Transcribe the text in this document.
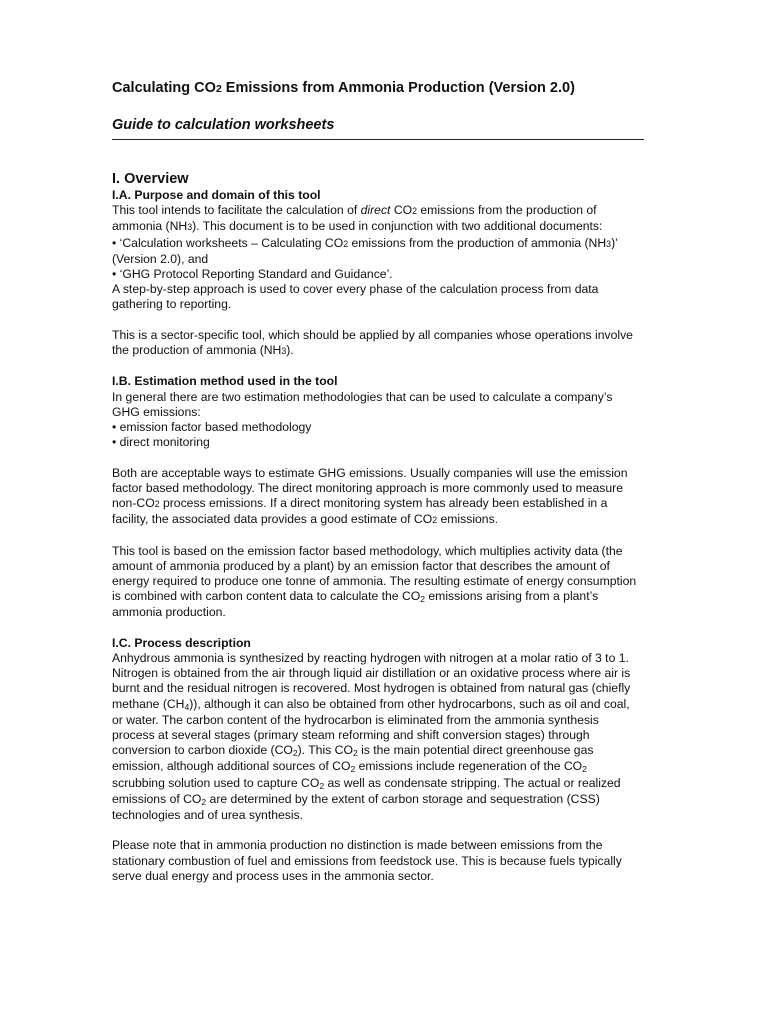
Calculating CO2 Emissions from Ammonia Production (Version 2.0)
Guide to calculation worksheets
I. Overview
I.A. Purpose and domain of this tool
This tool intends to facilitate the calculation of direct CO2 emissions from the production of
ammonia (NH3). This document is to be used in conjunction with two additional documents:
• ‘Calculation worksheets – Calculating CO2 emissions from the production of ammonia (NH3)’
(Version 2.0), and
• ‘GHG Protocol Reporting Standard and Guidance’.
A step-by-step approach is used to cover every phase of the calculation process from data
gathering to reporting.
This is a sector-specific tool, which should be applied by all companies whose operations involve
the production of ammonia (NH3).
I.B. Estimation method used in the tool
In general there are two estimation methodologies that can be used to calculate a company’s
GHG emissions:
• emission factor based methodology
• direct monitoring
Both are acceptable ways to estimate GHG emissions. Usually companies will use the emission
factor based methodology. The direct monitoring approach is more commonly used to measure
non-CO2 process emissions. If a direct monitoring system has already been established in a
facility, the associated data provides a good estimate of CO2 emissions.
This tool is based on the emission factor based methodology, which multiplies activity data (the
amount of ammonia produced by a plant) by an emission factor that describes the amount of
energy required to produce one tonne of ammonia. The resulting estimate of energy consumption
is combined with carbon content data to calculate the $CO_2$ emissions arising from a plant’s
ammonia production.
I.C. Process description
Anhydrous ammonia is synthesized by reacting hydrogen with nitrogen at a molar ratio of 3 to 1.
Nitrogen is obtained from the air through liquid air distillation or an oxidative process where air is
burnt and the residual nitrogen is recovered. Most hydrogen is obtained from natural gas (chiefly
methane $(CH_4)$), although it can also be obtained from other hydrocarbons, such as oil and coal,
or water. The carbon content of the hydrocarbon is eliminated from the ammonia synthesis
process at several stages (primary steam reforming and shift conversion stages) through
conversion to carbon dioxide $(CO_2)$. This $CO_2$ is the main potential direct greenhouse gas
emission, although additional sources of $CO_2$ emissions include regeneration of the $CO_2$
scrubbing solution used to capture $CO_2$ as well as condensate stripping. The actual or realized
emissions of $CO_2$ are determined by the extent of carbon storage and sequestration (CSS)
technologies and of urea synthesis.
Please note that in ammonia production no distinction is made between emissions from the
stationary combustion of fuel and emissions from feedstock use. This is because fuels typically
serve dual energy and process uses in the ammonia sector.
